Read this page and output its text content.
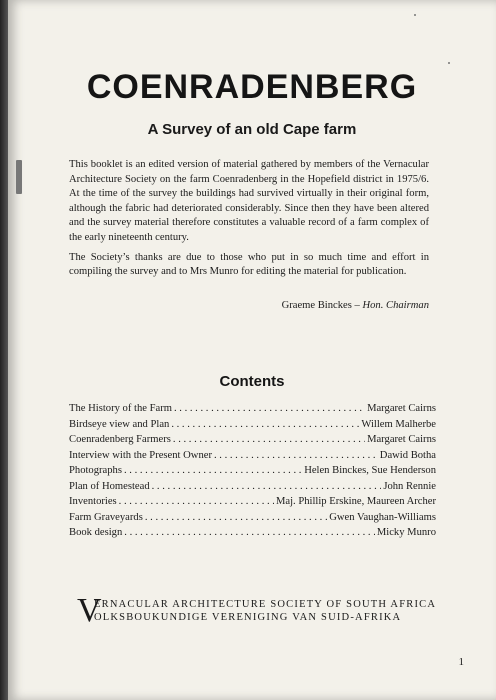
COENRADENBERG
A Survey of an old Cape farm

This booklet is an edited version of material gathered by members of the Vernacular Architecture Society on the farm Coenradenberg in the Hopefield district in 1975/6. At the time of the survey the buildings had survived virtually in their original form, although the fabric had deteriorated considerably. Since then they have been altered and the survey material therefore constitutes a valuable record of a farm complex of the early nineteenth century.

The Society’s thanks are due to those who put in so much time and effort in compiling the survey and to Mrs Munro for editing the material for publication.

Graeme Binckes – Hon. Chairman
Contents
The History of the Farm . . .	Margaret Cairns
Birdseye view and Plan . . .	Willem Malherbe
Coenradenberg Farmers . . .	Margaret Cairns
Interview with the Present Owner . . .	Dawid Botha
Photographs . . .	Helen Binckes, Sue Henderson
Plan of Homestead . . .	John Rennie
Inventories . . .	Maj. Phillip Erskine, Maureen Archer
Farm Graveyards . . .	Gwen Vaughan-Williams
Book design . . .	Micky Munro
V
ERNACULAR ARCHITECTURE SOCIETY OF SOUTH AFRICA
OLKSBOUKUNDIGE VERENIGING VAN SUID-AFRIKA
1
